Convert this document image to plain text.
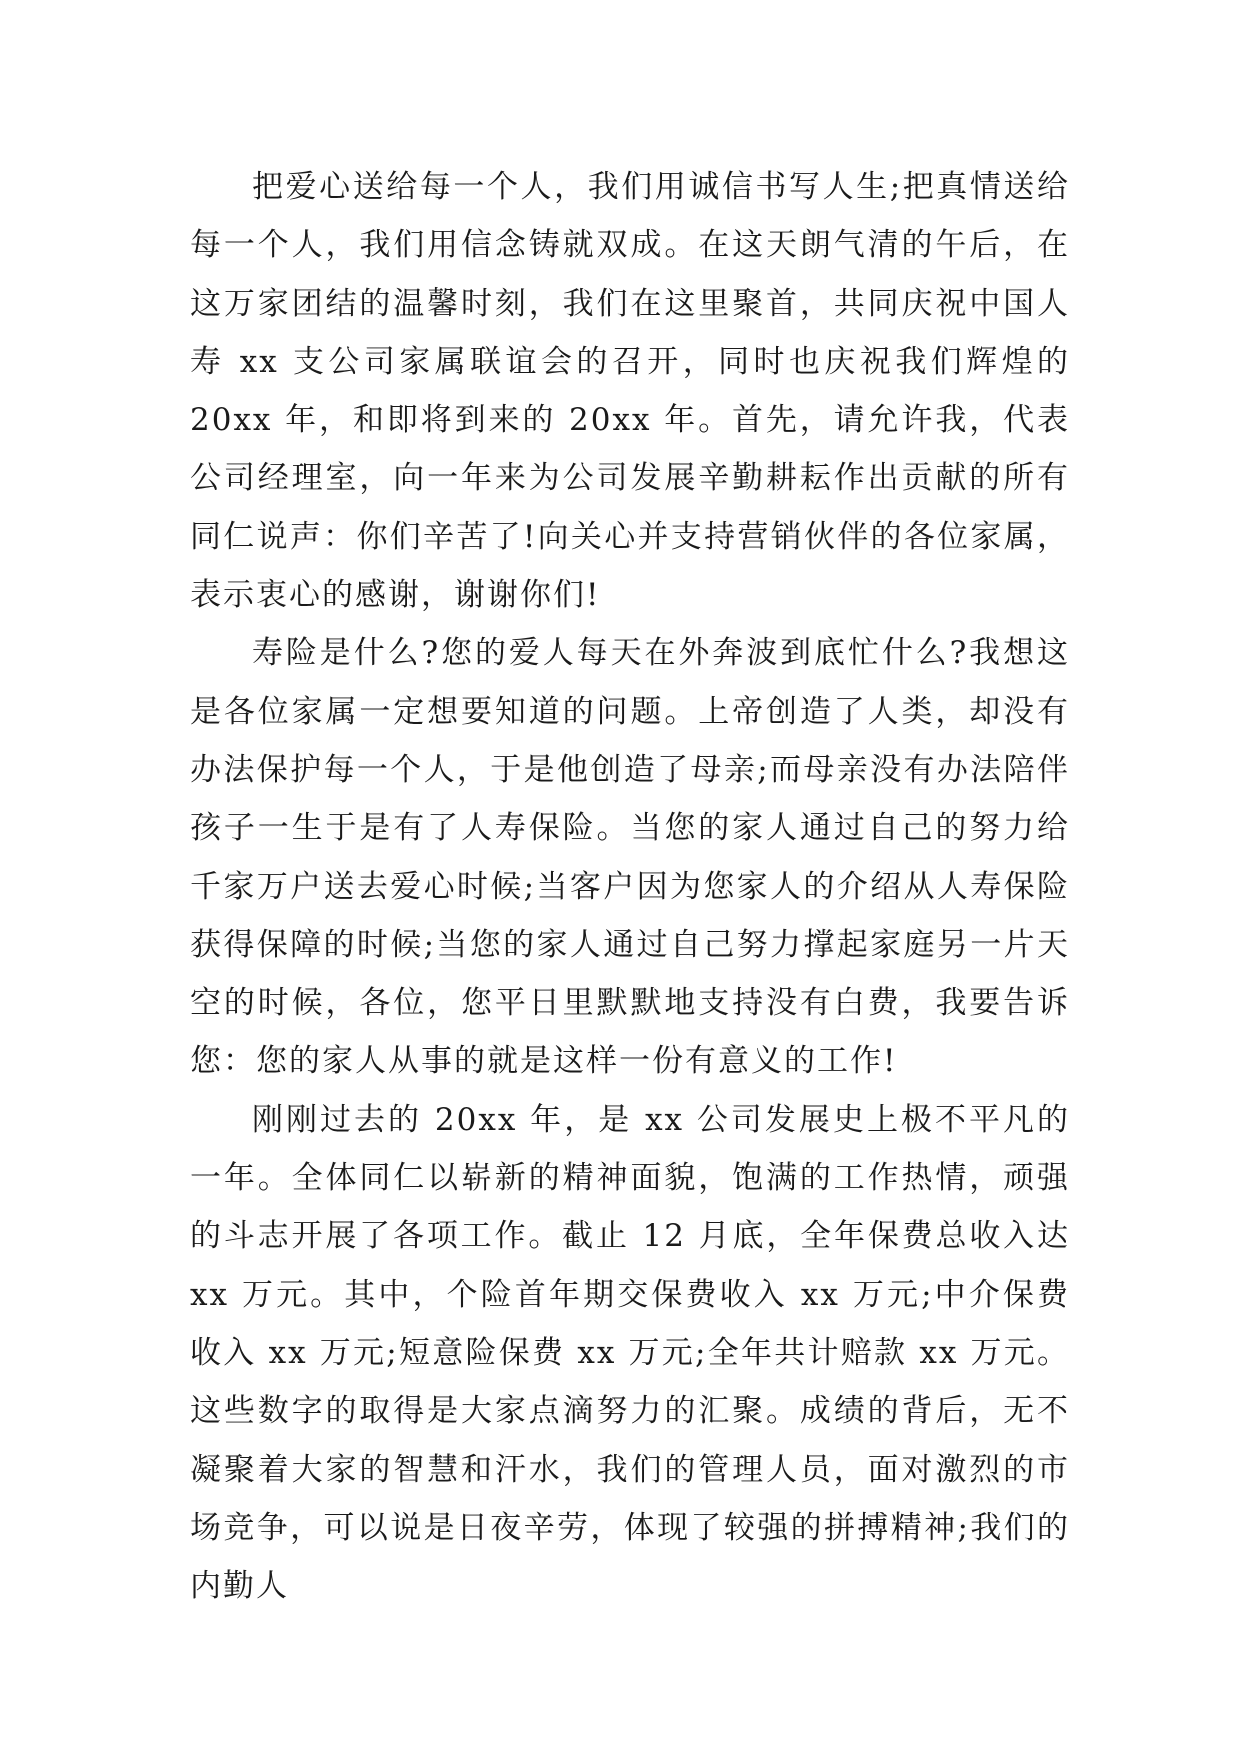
把爱心送给每一个人，我们用诚信书写人生;把真情送给每一个人，我们用信念铸就双成。在这天朗气清的午后，在这万家团结的温馨时刻，我们在这里聚首，共同庆祝中国人寿 xx 支公司家属联谊会的召开，同时也庆祝我们辉煌的 20xx 年，和即将到来的 20xx 年。首先，请允许我，代表公司经理室，向一年来为公司发展辛勤耕耘作出贡献的所有同仁说声：你们辛苦了!向关心并支持营销伙伴的各位家属，表示衷心的感谢，谢谢你们!

寿险是什么?您的爱人每天在外奔波到底忙什么?我想这是各位家属一定想要知道的问题。上帝创造了人类，却没有办法保护每一个人，于是他创造了母亲;而母亲没有办法陪伴孩子一生于是有了人寿保险。当您的家人通过自己的努力给千家万户送去爱心时候;当客户因为您家人的介绍从人寿保险获得保障的时候;当您的家人通过自己努力撑起家庭另一片天空的时候，各位，您平日里默默地支持没有白费，我要告诉您：您的家人从事的就是这样一份有意义的工作!

刚刚过去的 20xx 年，是 xx 公司发展史上极不平凡的一年。全体同仁以崭新的精神面貌，饱满的工作热情，顽强的斗志开展了各项工作。截止 12 月底，全年保费总收入达 xx 万元。其中，个险首年期交保费收入 xx 万元;中介保费收入 xx 万元;短意险保费 xx 万元;全年共计赔款 xx 万元。这些数字的取得是大家点滴努力的汇聚。成绩的背后，无不凝聚着大家的智慧和汗水，我们的管理人员，面对激烈的市场竞争，可以说是日夜辛劳，体现了较强的拼搏精神;我们的内勤人
